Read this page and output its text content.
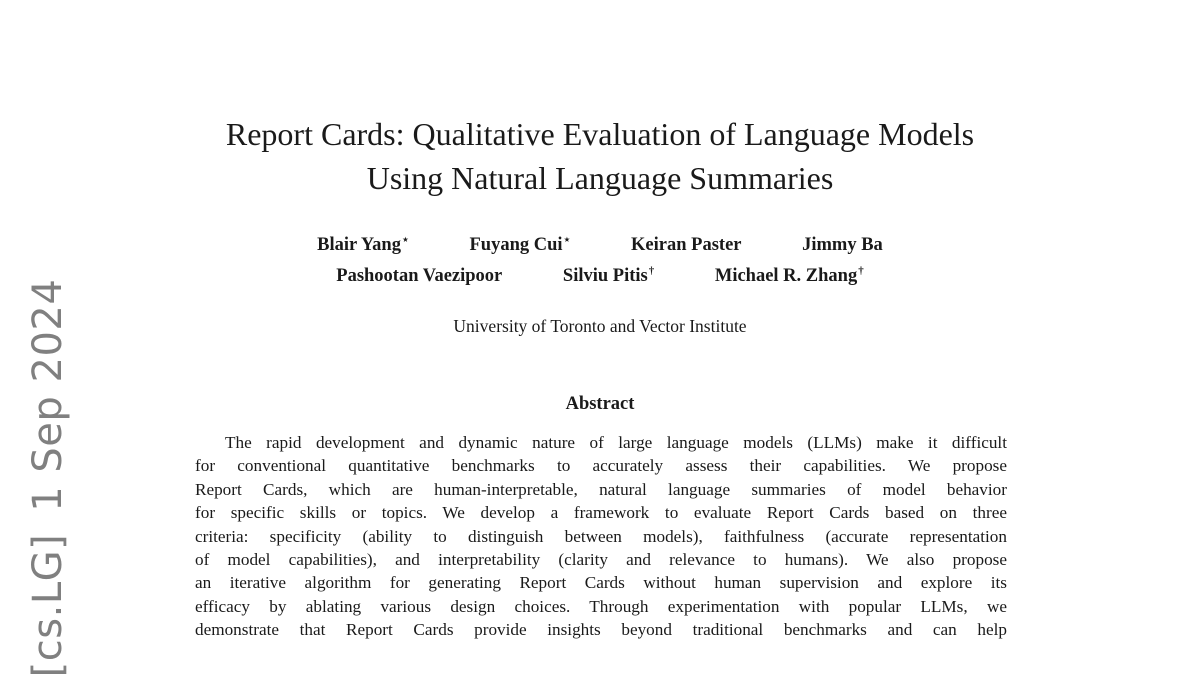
[cs.LG]1 Sep 2024
Report Cards: Qualitative Evaluation of Language Models
Using Natural Language Summaries
Blair Yang⋆	Fuyang Cui⋆	Keiran Paster	Jimmy Ba
Pashootan Vaezipoor	Silviu Pitis†	Michael R. Zhang†
University of Toronto and Vector Institute
Abstract
The rapid development and dynamic nature of large language models (LLMs) make it difficult
for conventional quantitative benchmarks to accurately assess their capabilities. We propose
Report Cards, which are human-interpretable, natural language summaries of model behavior
for specific skills or topics. We develop a framework to evaluate Report Cards based on three
criteria: specificity (ability to distinguish between models), faithfulness (accurate representation
of model capabilities), and interpretability (clarity and relevance to humans). We also propose
an iterative algorithm for generating Report Cards without human supervision and explore its
efficacy by ablating various design choices. Through experimentation with popular LLMs, we
demonstrate that Report Cards provide insights beyond traditional benchmarks and can help
